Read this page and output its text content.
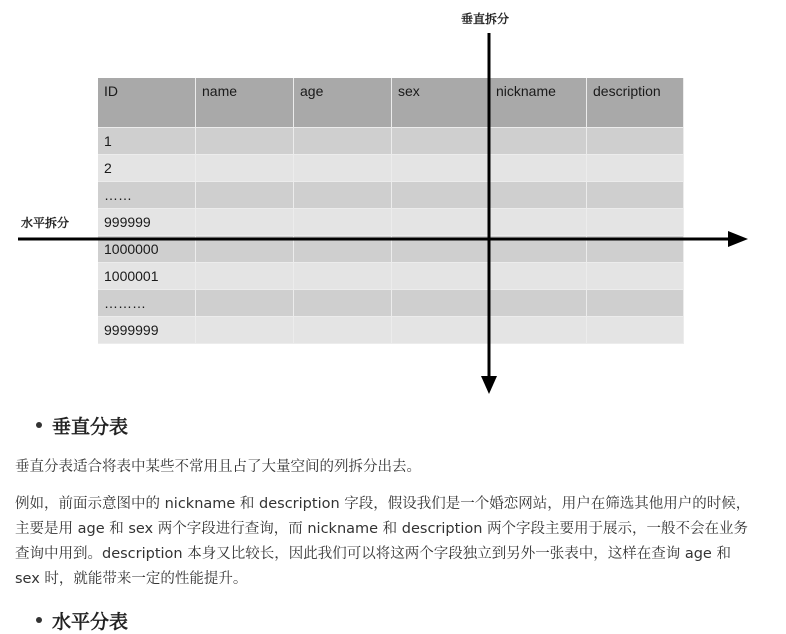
ID	name	age	sex	nickname	description
1
2
……
999999
1000000
1000001
………
9999999
垂直拆分
水平拆分
垂直分表

垂直分表适合将表中某些不常用且占了大量空间的列拆分出去。

例如，前面示意图中的 nickname 和 description 字段，假设我们是一个婚恋网站，用户在筛选其他用户的时候，主要是用 age 和 sex 两个字段进行查询，而 nickname 和 description 两个字段主要用于展示，一般不会在业务查询中用到。description 本身又比较长，因此我们可以将这两个字段独立到另外一张表中，这样在查询 age 和 sex 时，就能带来一定的性能提升。

水平分表
